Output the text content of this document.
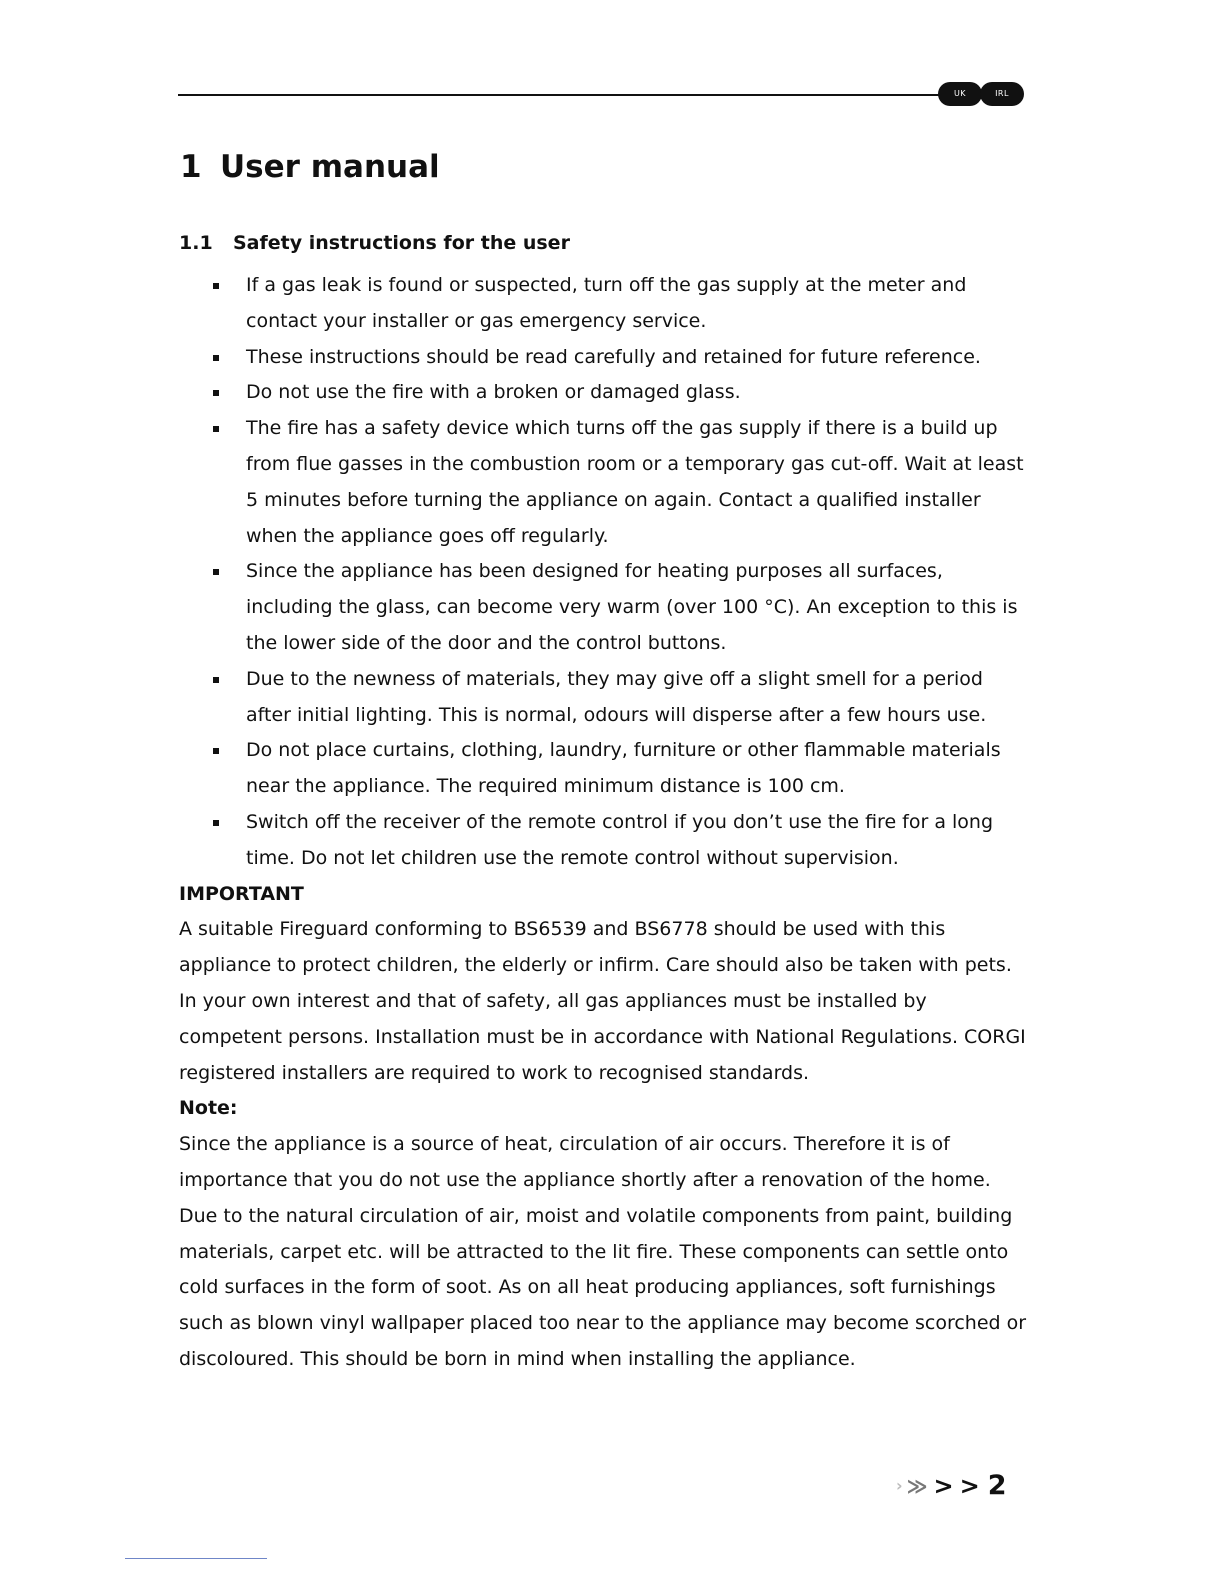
UK	IRL
1 User manual
1.1 Safety instructions for the user
If a gas leak is found or suspected, turn off the gas supply at the meter and contact your installer or gas emergency service.
These instructions should be read carefully and retained for future reference.
Do not use the fire with a broken or damaged glass.
The fire has a safety device which turns off the gas supply if there is a build up from flue gasses in the combustion room or a temporary gas cut-off. Wait at least 5 minutes before turning the appliance on again. Contact a qualified installer when the appliance goes off regularly.
Since the appliance has been designed for heating purposes all surfaces, including the glass, can become very warm (over 100 °C). An exception to this is the lower side of the door and the control buttons.
Due to the newness of materials, they may give off a slight smell for a period after initial lighting. This is normal, odours will disperse after a few hours use.
Do not place curtains, clothing, laundry, furniture or other flammable materials near the appliance. The required minimum distance is 100 cm.
Switch off the receiver of the remote control if you don’t use the fire for a long time. Do not let children use the remote control without supervision.

IMPORTANT

A suitable Fireguard conforming to BS6539 and BS6778 should be used with this appliance to protect children, the elderly or infirm. Care should also be taken with pets.

In your own interest and that of safety, all gas appliances must be installed by competent persons. Installation must be in accordance with National Regulations. CORGI registered installers are required to work to recognised standards.

Note:

Since the appliance is a source of heat, circulation of air occurs. Therefore it is of importance that you do not use the appliance shortly after a renovation of the home. Due to the natural circulation of air, moist and volatile components from paint, building materials, carpet etc. will be attracted to the lit fire. These components can settle onto cold surfaces in the form of soot. As on all heat producing appliances, soft furnishings such as blown vinyl wallpaper placed too near to the appliance may become scorched or discoloured. This should be born in mind when installing the appliance.

› ≫ > > 2
